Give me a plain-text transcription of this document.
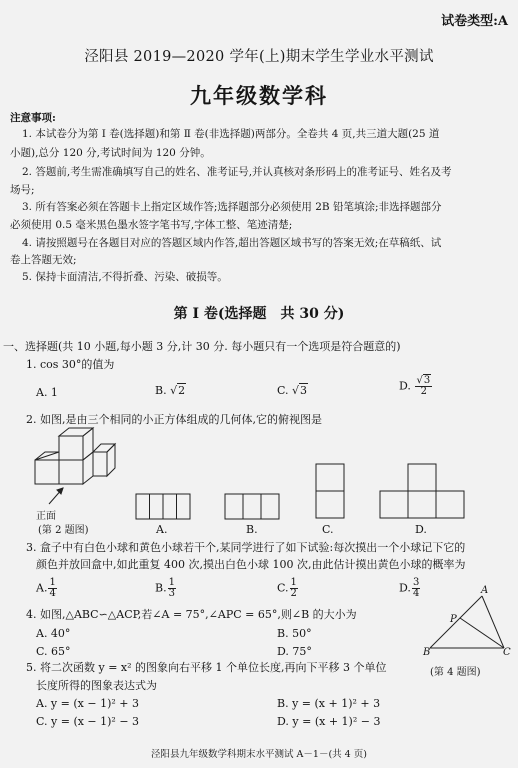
试卷类型:A
泾阳县 2019—2020 学年(上)期末学生学业水平测试
九年级数学科
注意事项:
1. 本试卷分为第 Ⅰ 卷(选择题)和第 Ⅱ 卷(非选择题)两部分。全卷共 4 页,共三道大题(25 道
小题),总分 120 分,考试时间为 120 分钟。
2. 答题前,考生需准确填写自己的姓名、准考证号,并认真核对条形码上的准考证号、姓名及考
场号;
3. 所有答案必须在答题卡上指定区域作答;选择题部分必须使用 2B 铅笔填涂;非选择题部分
必须使用 0.5 毫米黑色墨水签字笔书写,字体工整、笔迹清楚;
4. 请按照题号在各题目对应的答题区域内作答,超出答题区域书写的答案无效;在草稿纸、试
卷上答题无效;
5. 保持卡面清洁,不得折叠、污染、破损等。
第 Ⅰ 卷(选择题　共 30 分)
一、选择题(共 10 小题,每小题 3 分,计 30 分. 每小题只有一个选项是符合题意的)
1. cos 30°的值为
A. 1	B. √2	C. √3	D. $\frac{√3}{2}$
2. 如图,是由三个相同的小正方体组成的几何体,它的俯视图是
正面
(第 2 题图)	A.	B.	C.	D.
3. 盒子中有白色小球和黄色小球若干个,某同学进行了如下试验:每次摸出一个小球记下它的
颜色并放回盒中,如此重复 400 次,摸出白色小球 100 次,由此估计摸出黄色小球的概率为
A. $\frac{1}{4}$	B. $\frac{1}{3}$	C. $\frac{1}{2}$	D. $\frac{3}{4}$
4. 如图,△ABC∽△ACP,若∠A = 75°,∠APC = 65°,则∠B 的大小为
A. 40°	B. 50°
C. 65°	D. 75°
A
P
B	C
(第 4 题图)
5. 将二次函数 y = x² 的图象向右平移 1 个单位长度,再向下平移 3 个单位
长度所得的图象表达式为
A. y = (x − 1)² + 3	B. y = (x + 1)² + 3
C. y = (x − 1)² − 3	D. y = (x + 1)² − 3
泾阳县九年级数学科期末水平测试 A－1－(共 4 页)
